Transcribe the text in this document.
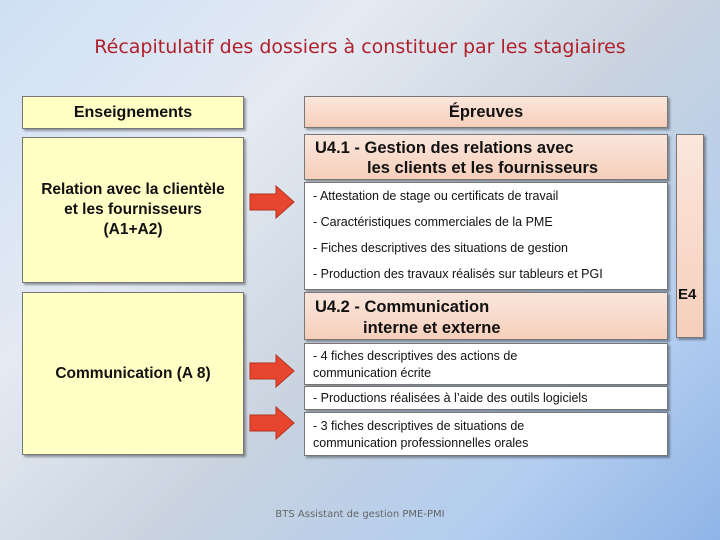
Récapitulatif des dossiers à constituer par les stagiaires
Enseignements	Épreuves
Relation avec la clientèle
et les fournisseurs
(A1+A2)
Communication (A 8)
U4.1 - Gestion des relations avec
les clients et les fournisseurs
- Attestation de stage ou certificats de travail
- Caractéristiques commerciales de la PME
- Fiches descriptives des situations de gestion
- Production des travaux réalisés sur tableurs et PGI
U4.2 - Communication
interne et externe
- 4 fiches descriptives des actions de
communication écrite
- Productions réalisées à l’aide des outils logiciels
- 3 fiches descriptives de situations de
communication professionnelles orales
E4
BTS Assistant de gestion PME-PMI
